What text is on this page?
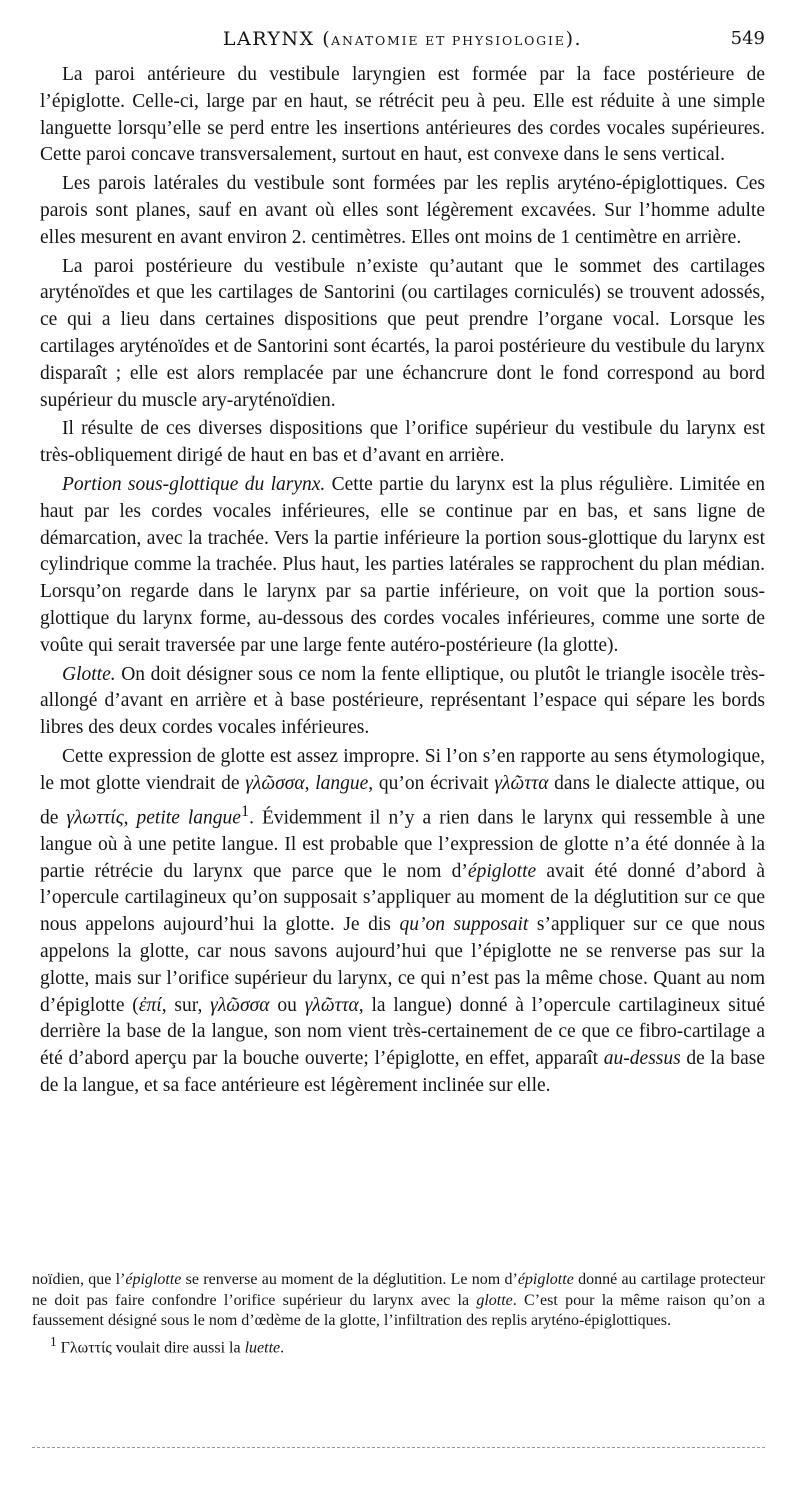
LARYNX (ANATOMIE ET PHYSIOLOGIE).	549

La paroi antérieure du vestibule laryngien est formée par la face postérieure de l’épiglotte. Celle-ci, large par en haut, se rétrécit peu à peu. Elle est réduite à une simple languette lorsqu’elle se perd entre les insertions antérieures des cordes vocales supérieures. Cette paroi concave transversalement, surtout en haut, est convexe dans le sens vertical.

Les parois latérales du vestibule sont formées par les replis aryténo-épiglottiques. Ces parois sont planes, sauf en avant où elles sont légèrement excavées. Sur l’homme adulte elles mesurent en avant environ 2. centimètres. Elles ont moins de 1 centimètre en arrière.

La paroi postérieure du vestibule n’existe qu’autant que le sommet des cartilages aryténoïdes et que les cartilages de Santorini (ou cartilages corniculés) se trouvent adossés, ce qui a lieu dans certaines dispositions que peut prendre l’organe vocal. Lorsque les cartilages aryténoïdes et de Santorini sont écartés, la paroi postérieure du vestibule du larynx disparaît ; elle est alors remplacée par une échancrure dont le fond correspond au bord supérieur du muscle ary-aryténoïdien.

Il résulte de ces diverses dispositions que l’orifice supérieur du vestibule du larynx est très-obliquement dirigé de haut en bas et d’avant en arrière.

Portion sous-glottique du larynx. Cette partie du larynx est la plus régulière. Limitée en haut par les cordes vocales inférieures, elle se continue par en bas, et sans ligne de démarcation, avec la trachée. Vers la partie inférieure la portion sous-glottique du larynx est cylindrique comme la trachée. Plus haut, les parties latérales se rapprochent du plan médian. Lorsqu’on regarde dans le larynx par sa partie inférieure, on voit que la portion sous-glottique du larynx forme, au-dessous des cordes vocales inférieures, comme une sorte de voûte qui serait traversée par une large fente autéro-postérieure (la glotte).

Glotte. On doit désigner sous ce nom la fente elliptique, ou plutôt le triangle isocèle très-allongé d’avant en arrière et à base postérieure, représentant l’espace qui sépare les bords libres des deux cordes vocales inférieures.

Cette expression de glotte est assez impropre. Si l’on s’en rapporte au sens étymologique, le mot glotte viendrait de γλῶσσα, langue, qu’on écrivait γλῶττα dans le dialecte attique, ou de γλωττίς, petite langue$^1$. Évidemment il n’y a rien dans le larynx qui ressemble à une langue où à une petite langue. Il est probable que l’expression de glotte n’a été donnée à la partie rétrécie du larynx que parce que le nom d’épiglotte avait été donné d’abord à l’opercule cartilagineux qu’on supposait s’appliquer au moment de la déglutition sur ce que nous appelons aujourd’hui la glotte. Je dis qu’on supposait s’appliquer sur ce que nous appelons la glotte, car nous savons aujourd’hui que l’épiglotte ne se renverse pas sur la glotte, mais sur l’orifice supérieur du larynx, ce qui n’est pas la même chose. Quant au nom d’épiglotte (ἐπί, sur, γλῶσσα ou γλῶττα, la langue) donné à l’opercule cartilagineux situé derrière la base de la langue, son nom vient très-certainement de ce que ce fibro-cartilage a été d’abord aperçu par la bouche ouverte; l’épiglotte, en effet, apparaît au-dessus de la base de la langue, et sa face antérieure est légèrement inclinée sur elle.

noïdien, que l’épiglotte se renverse au moment de la déglutition. Le nom d’épiglotte donné au cartilage protecteur ne doit pas faire confondre l’orifice supérieur du larynx avec la glotte. C’est pour la même raison qu’on a faussement désigné sous le nom d’œdème de la glotte, l’infiltration des replis aryténo-épiglottiques.

$^1$ Γλωττίς voulait dire aussi la luette.
